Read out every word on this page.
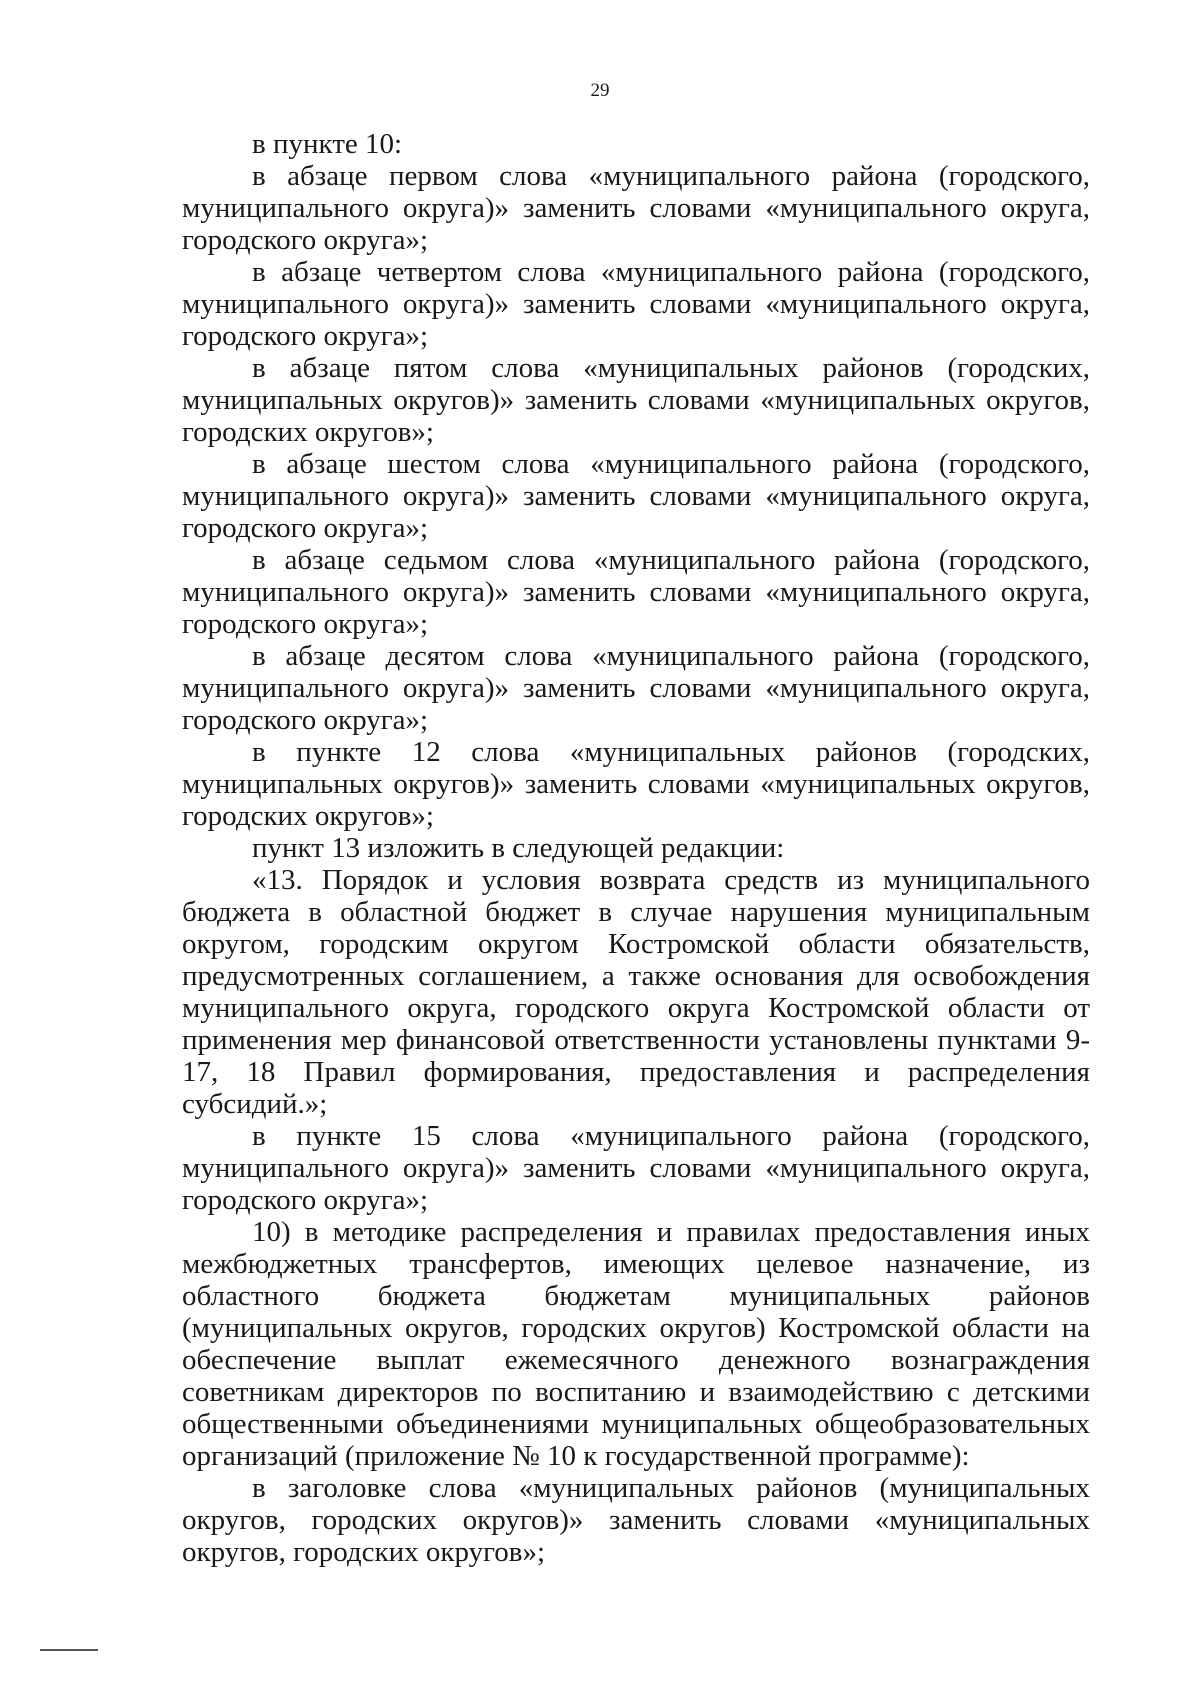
29

в пункте 10:

в абзаце первом слова «муниципального района (городского, муниципального округа)» заменить словами «муниципального округа, городского округа»;

в абзаце четвертом слова «муниципального района (городского, муниципального округа)» заменить словами «муниципального округа, городского округа»;

в абзаце пятом слова «муниципальных районов (городских, муниципальных округов)» заменить словами «муниципальных округов, городских округов»;

в абзаце шестом слова «муниципального района (городского, муниципального округа)» заменить словами «муниципального округа, городского округа»;

в абзаце седьмом слова «муниципального района (городского, муниципального округа)» заменить словами «муниципального округа, городского округа»;

в абзаце десятом слова «муниципального района (городского, муниципального округа)» заменить словами «муниципального округа, городского округа»;

в пункте 12 слова «муниципальных районов (городских, муниципальных округов)» заменить словами «муниципальных округов, городских округов»;

пункт 13 изложить в следующей редакции:

«13. Порядок и условия возврата средств из муниципального бюджета в областной бюджет в случае нарушения муниципальным округом, городским округом Костромской области обязательств, предусмотренных соглашением, а также основания для освобождения муниципального округа, городского округа Костромской области от применения мер финансовой ответственности установлены пунктами 9-17, 18 Правил формирования, предоставления и распределения субсидий.»;

в пункте 15 слова «муниципального района (городского, муниципального округа)» заменить словами «муниципального округа, городского округа»;

10) в методике распределения и правилах предоставления иных межбюджетных трансфертов, имеющих целевое назначение, из областного бюджета бюджетам муниципальных районов (муниципальных округов, городских округов) Костромской области на обеспечение выплат ежемесячного денежного вознаграждения советникам директоров по воспитанию и взаимодействию с детскими общественными объединениями муниципальных общеобразовательных организаций (приложение № 10 к государственной программе):

в заголовке слова «муниципальных районов (муниципальных округов, городских округов)» заменить словами «муниципальных округов, городских округов»;
